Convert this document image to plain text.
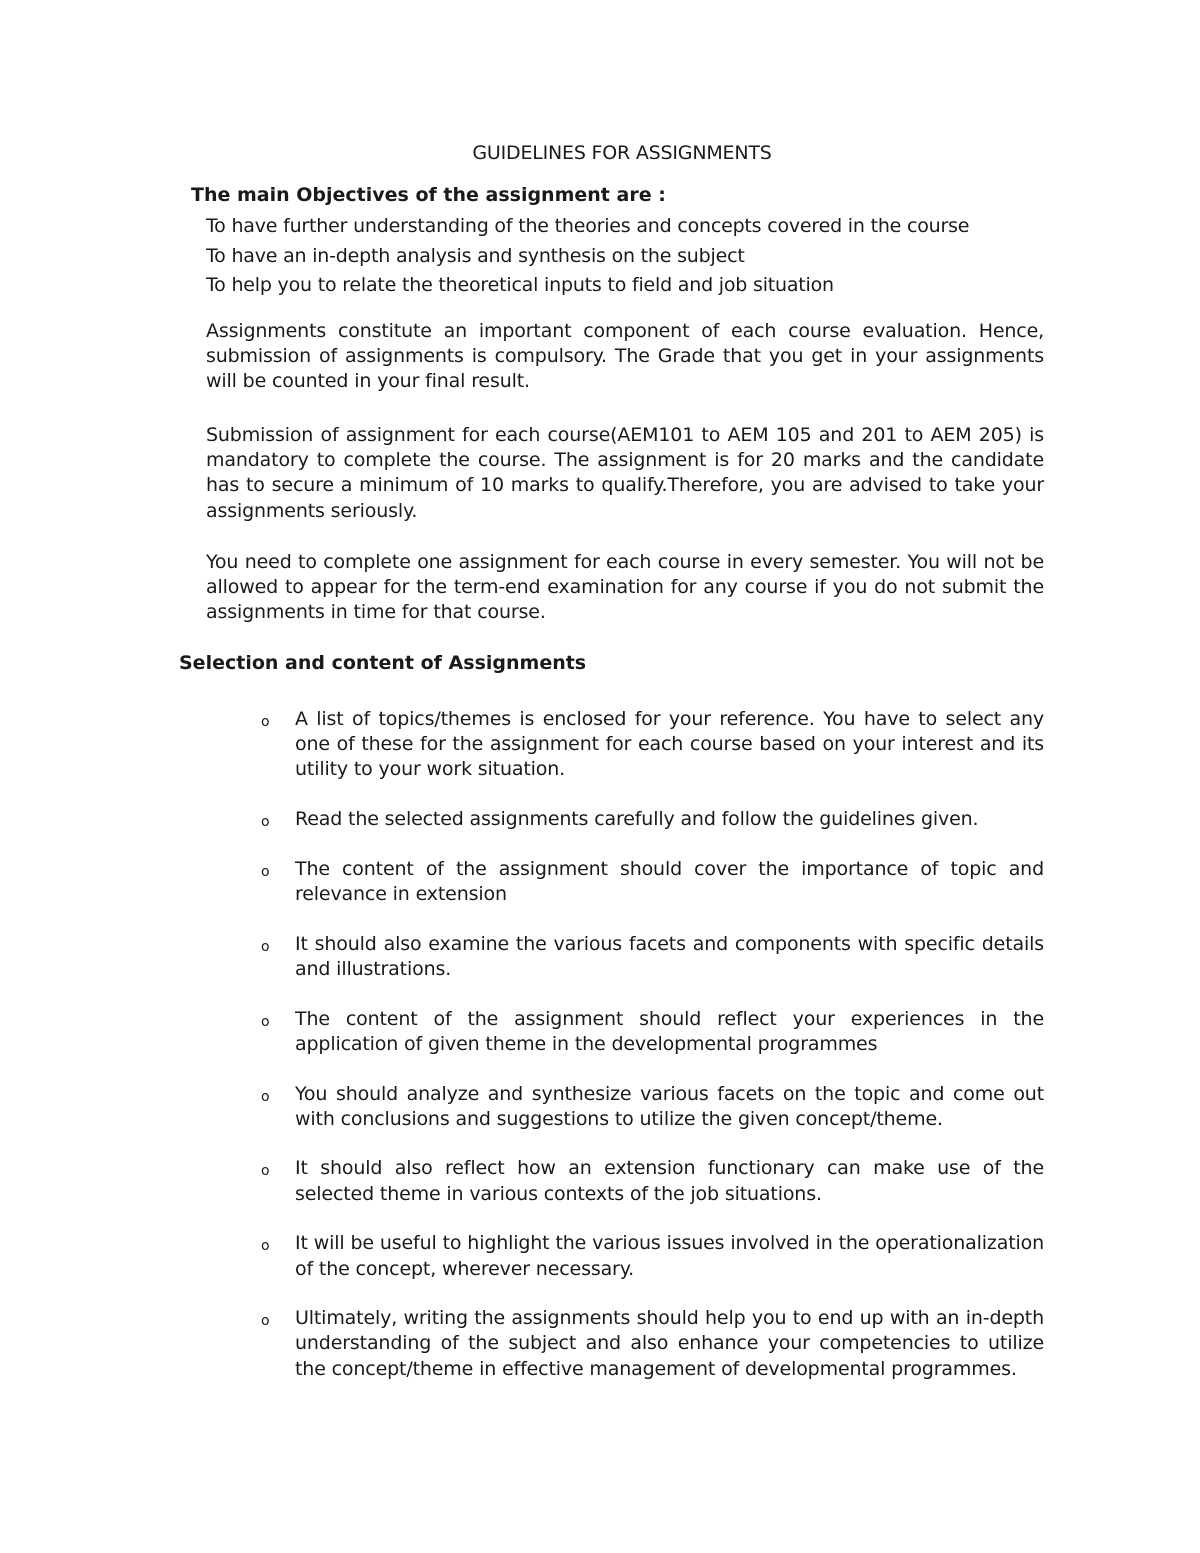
GUIDELINES FOR ASSIGNMENTS
The main Objectives of the assignment are :
To have further understanding of the theories and concepts covered in the course
To have an in-depth analysis and synthesis on the subject
To help you to relate the theoretical inputs to field and job situation

Assignments constitute an important component of each course evaluation. Hence, submission of assignments is compulsory. The Grade that you get in your assignments will be counted in your final result.

Submission of assignment for each course(AEM101 to AEM 105 and 201 to AEM 205) is mandatory to complete the course. The assignment is for 20 marks and the candidate has to secure a minimum of 10 marks to qualify.Therefore, you are advised to take your assignments seriously.

You need to complete one assignment for each course in every semester. You will not be allowed to appear for the term-end examination for any course if you do not submit the assignments in time for that course.

Selection and content of Assignments
o A list of topics/themes is enclosed for your reference. You have to select any one of these for the assignment for each course based on your interest and its utility to your work situation.
o Read the selected assignments carefully and follow the guidelines given.
o The content of the assignment should cover the importance of topic and relevance in extension
o It should also examine the various facets and components with specific details and illustrations.
o The content of the assignment should reflect your experiences in the application of given theme in the developmental programmes
o You should analyze and synthesize various facets on the topic and come out with conclusions and suggestions to utilize the given concept/theme.
o It should also reflect how an extension functionary can make use of the selected theme in various contexts of the job situations.
o It will be useful to highlight the various issues involved in the operationalization of the concept, wherever necessary.
o Ultimately, writing the assignments should help you to end up with an in-depth understanding of the subject and also enhance your competencies to utilize the concept/theme in effective management of developmental programmes.
